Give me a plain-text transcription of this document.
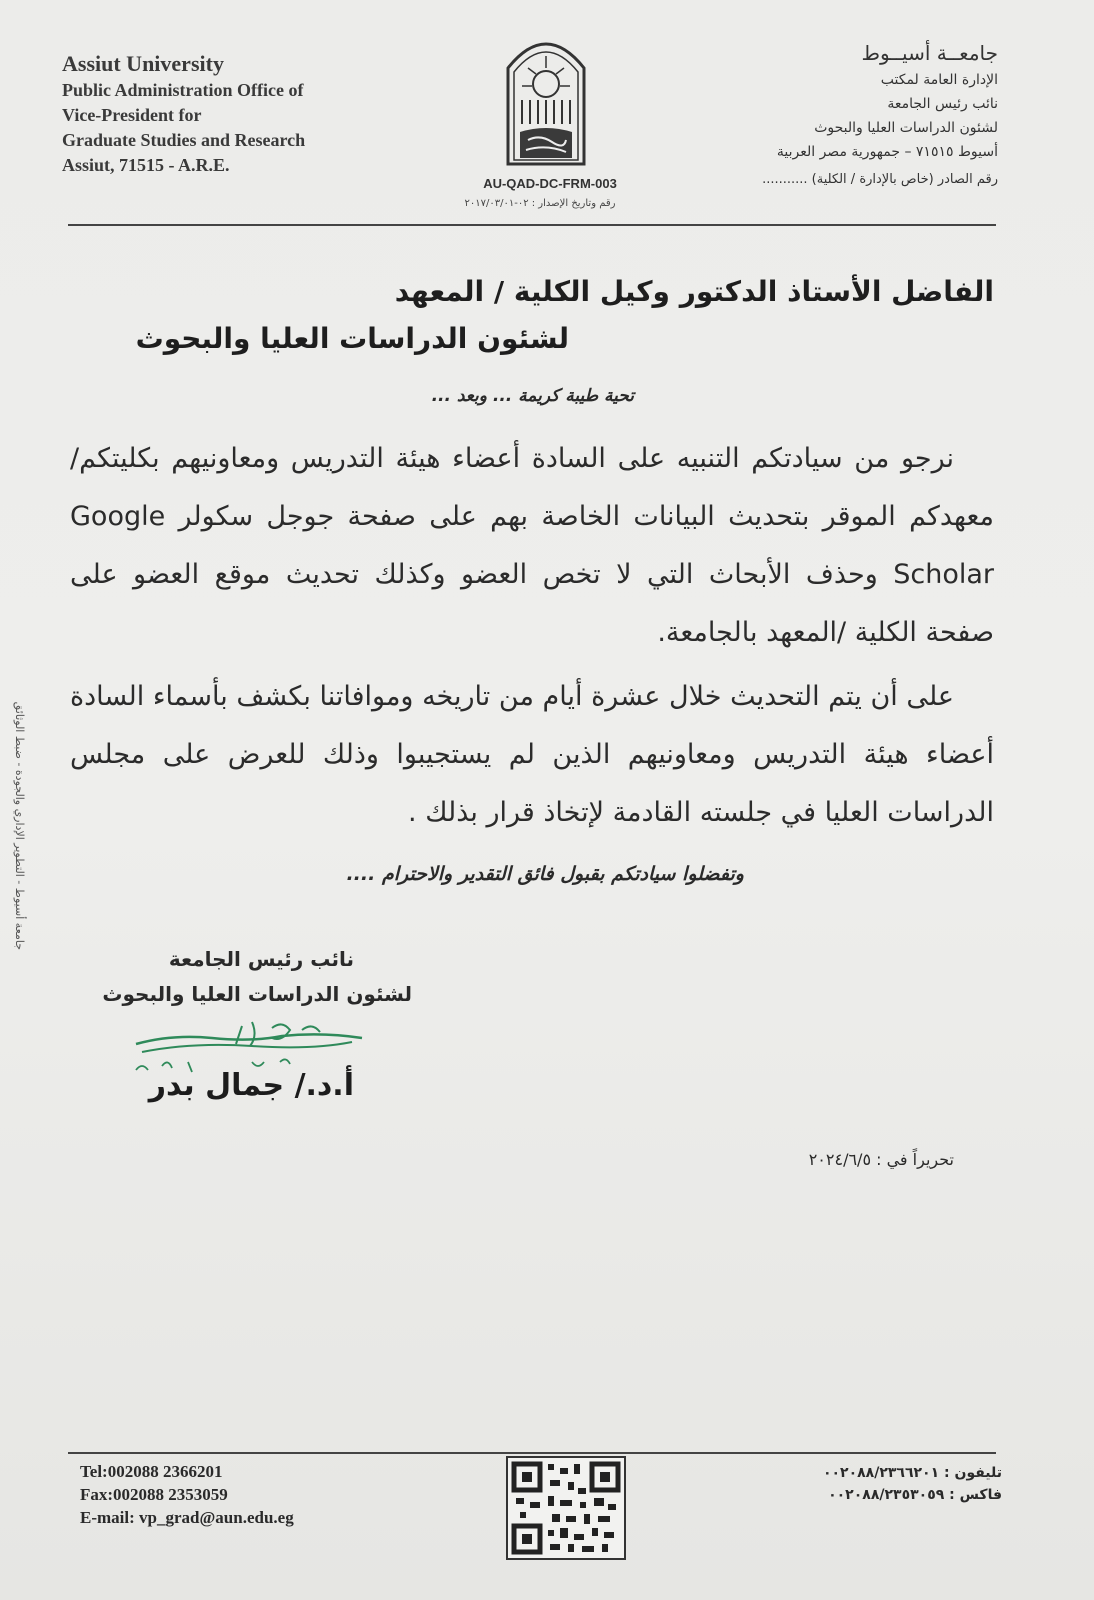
Assiut University
Public Administration Office of
Vice-President for
Graduate Studies and Research
Assiut, 71515 - A.R.E.
AU-QAD-DC-FRM-003
رقم وتاريخ الإصدار : ٠٢-٢٠١٧/٠٣/٠١
جامعــة أسيــوط
الإدارة العامة لمكتب
نائب رئيس الجامعة
لشئون الدراسات العليا والبحوث
أسيوط ٧١٥١٥ – جمهورية مصر العربية
رقم الصادر (خاص بالإدارة / الكلية) ...........
الفاضل الأستاذ الدكتور وكيل الكلية / المعهد
لشئون الدراسات العليا والبحوث
تحية طيبة كريمة ... وبعد ...

نرجو من سيادتكم التنبيه على السادة أعضاء هيئة التدريس ومعاونيهم بكليتكم/معهدكم الموقر بتحديث البيانات الخاصة بهم على صفحة جوجل سكولر Google Scholar وحذف الأبحاث التي لا تخص العضو وكذلك تحديث موقع العضو على صفحة الكلية /المعهد بالجامعة.

على أن يتم التحديث خلال عشرة أيام من تاريخه وموافاتنا بكشف بأسماء السادة أعضاء هيئة التدريس ومعاونيهم الذين لم يستجيبوا وذلك للعرض على مجلس الدراسات العليا في جلسته القادمة لإتخاذ قرار بذلك .

وتفضلوا سيادتكم بقبول فائق التقدير والاحترام ....
نائب رئيس الجامعة
لشئون الدراسات العليا والبحوث
أ.د./ جمال بدر
تحريراً في : ٢٠٢٤/٦/٥
جامعة أسيوط - التطوير الإداري والجودة - ضبط الوثائق
Tel:002088 2366201
Fax:002088 2353059
E-mail: vp_grad@aun.edu.eg
تليفون : ٠٠٢٠٨٨/٢٣٦٦٢٠١
فاكس : ٠٠٢٠٨٨/٢٣٥٣٠٥٩
